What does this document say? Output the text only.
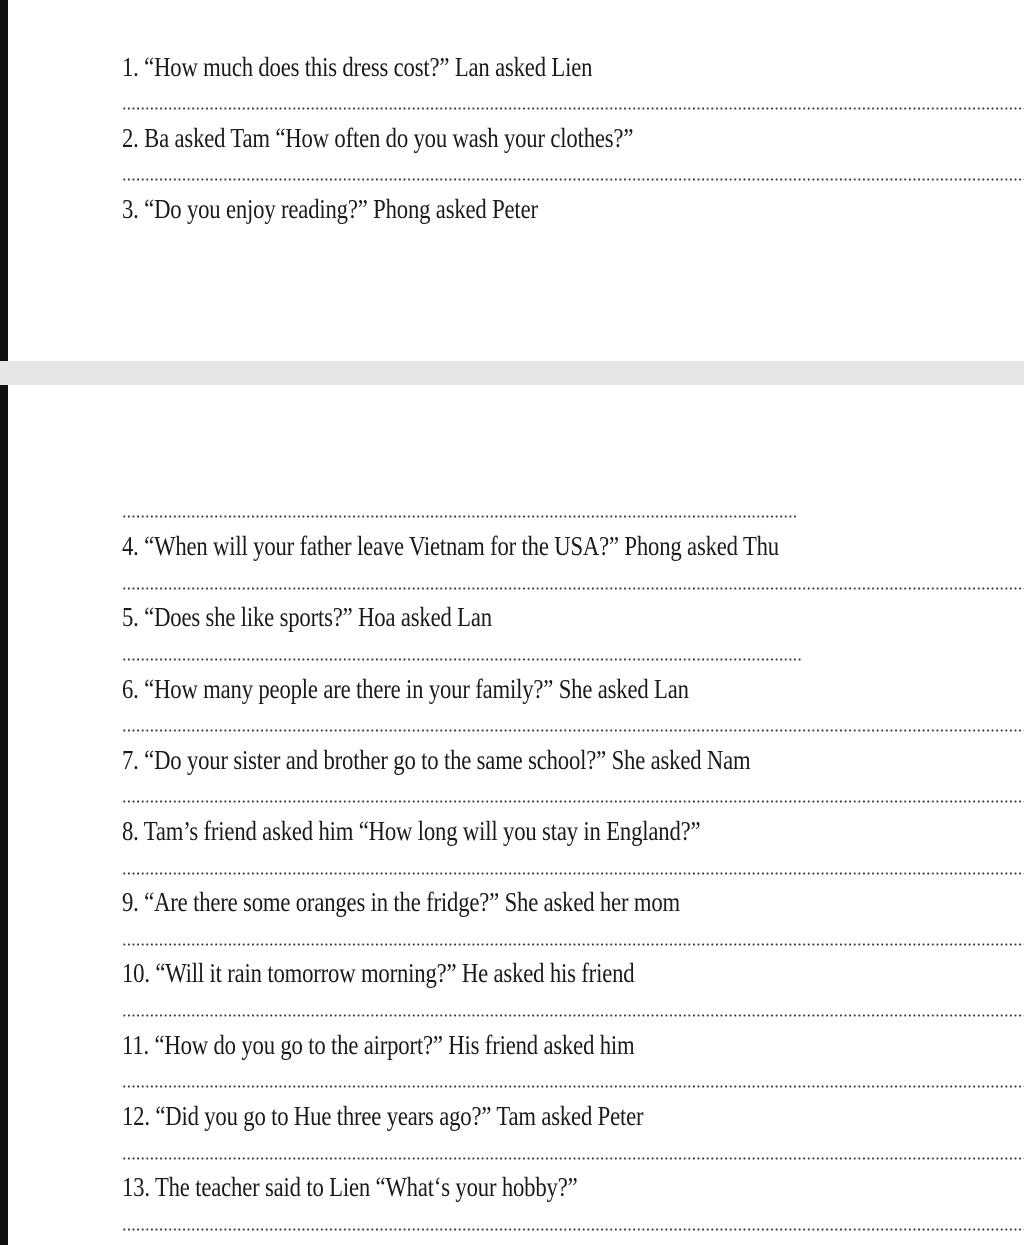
1. “How much does this dress cost?” Lan asked Lien
2. Ba asked Tam “How often do you wash your clothes?”
3. “Do you enjoy reading?” Phong asked Peter
4. “When will your father leave Vietnam for the USA?” Phong asked Thu
5. “Does she like sports?” Hoa asked Lan
6. “How many people are there in your family?” She asked Lan
7. “Do your sister and brother go to the same school?” She asked Nam
8. Tam’s friend asked him “How long will you stay in England?”
9. “Are there some oranges in the fridge?” She asked her mom
10. “Will it rain tomorrow morning?” He asked his friend
11. “How do you go to the airport?” His friend asked him
12. “Did you go to Hue three years ago?” Tam asked Peter
13. The teacher said to Lien “What‘s your hobby?”
